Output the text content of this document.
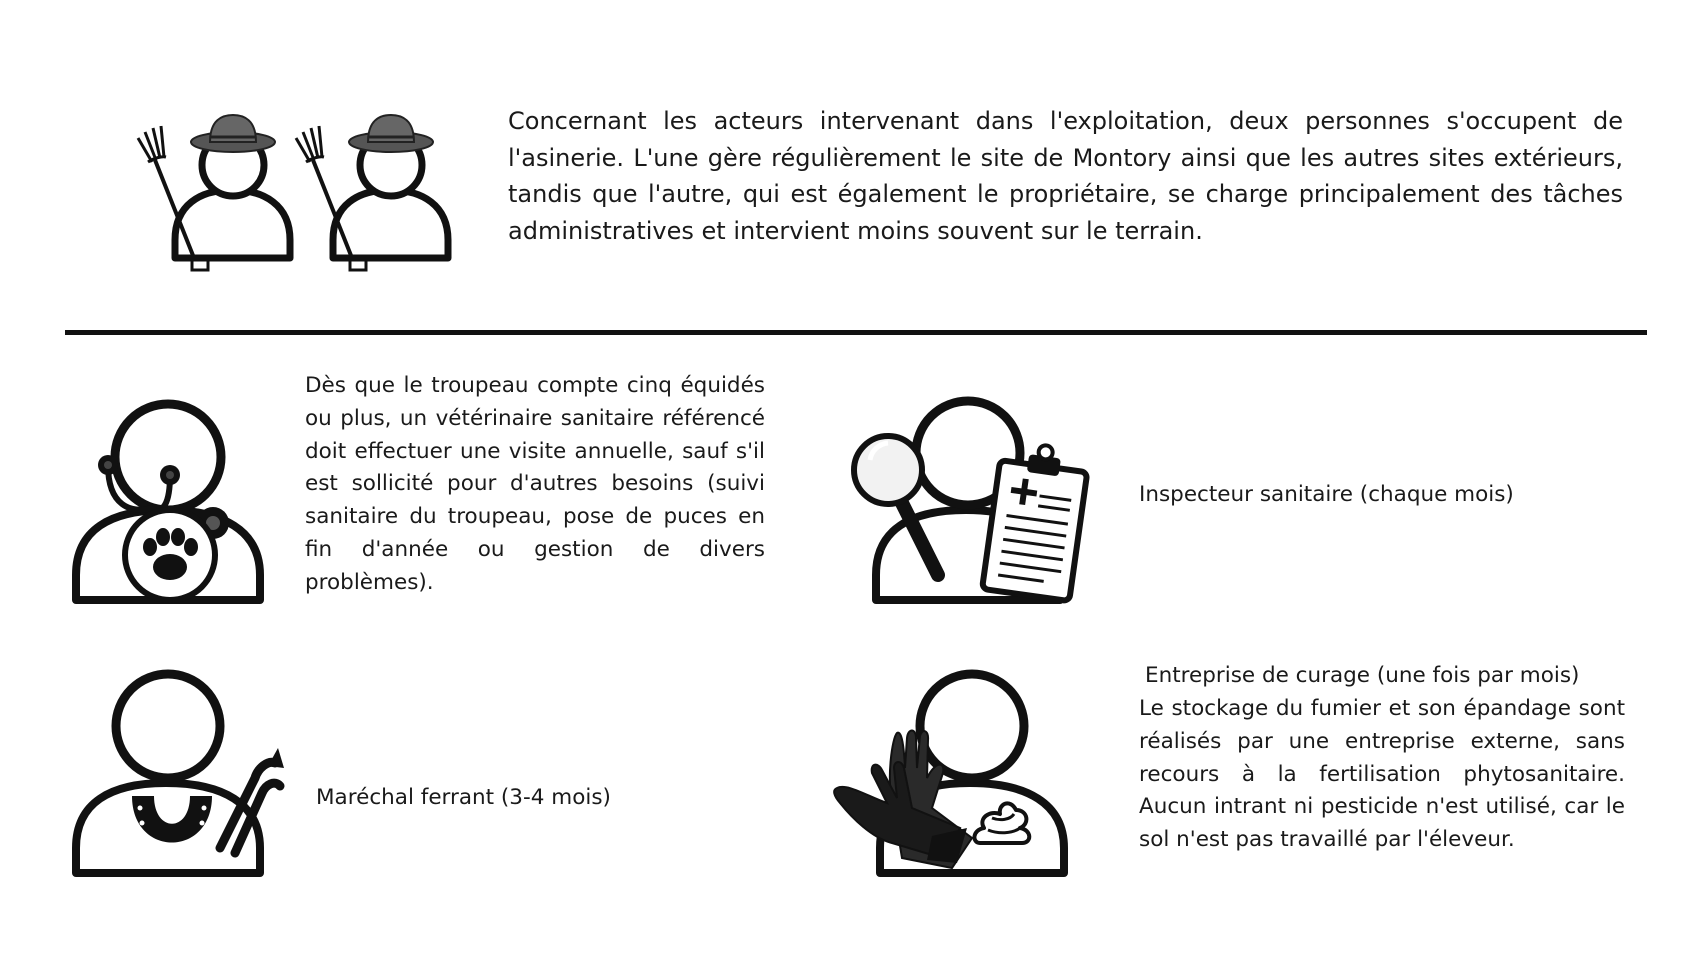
Concernant les acteurs intervenant dans l'exploitation, deux personnes s'occupent de l'asinerie. L'une gère régulièrement le site de Montory ainsi que les autres sites extérieurs, tandis que l'autre, qui est également le propriétaire, se charge principalement des tâches administratives et intervient moins souvent sur le terrain.
Dès que le troupeau compte cinq équidés ou plus, un vétérinaire sanitaire référencé doit effectuer une visite annuelle, sauf s'il est sollicité pour d'autres besoins (suivi sanitaire du troupeau, pose de puces en fin d'année ou gestion de divers problèmes).
Inspecteur sanitaire (chaque mois)
Maréchal ferrant (3-4 mois)
Entreprise de curage (une fois par mois)
Le stockage du fumier et son épandage sont réalisés par une entreprise externe, sans recours à la fertilisation phytosanitaire. Aucun intrant ni pesticide n'est utilisé, car le sol n'est pas travaillé par l'éleveur.
